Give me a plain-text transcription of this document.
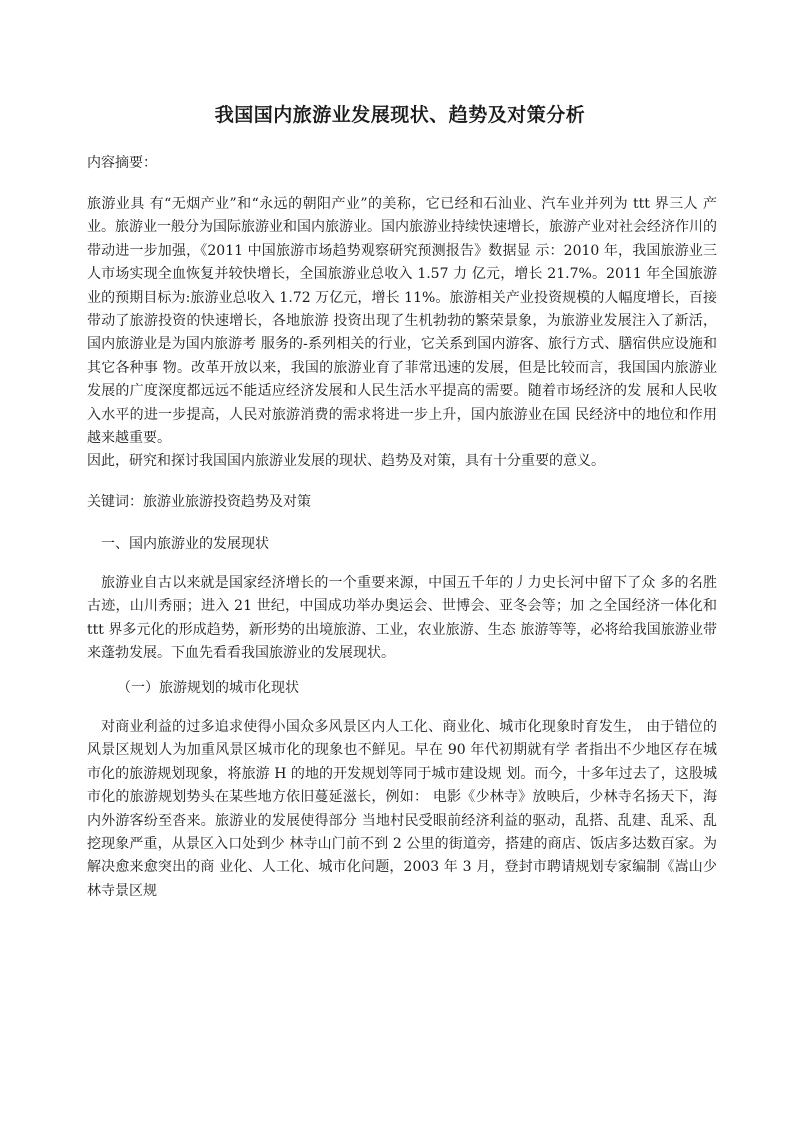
我国国内旅游业发展现状、趋势及对策分析
内容摘要：
旅游业具 有“无烟产业”和“永远的朝阳产业”的美称，它已经和石汕业、汽车业并列为 ttt 界三人 产业。旅游业一般分为国际旅游业和国内旅游业。国内旅游业持续快速增长，旅游产业对社会经济作川的带动进一步加强，《2011 中国旅游市场趋势观察研究预测报告》数据显 示：2010 年，我国旅游业三人市场实现全血恢复并较快增长，全国旅游业总收入 1.57 力 亿元，增长 21.7%。2011 年全国旅游业的预期目标为:旅游业总收入 1.72 万亿元，增长 11%。旅游相关产业投资规模的人幅度增长，百接带动了旅游投资的快速增长，各地旅游 投资出现了生机勃勃的繁荣景象，为旅游业发展注入了新活，国内旅游业是为国内旅游考 服务的-系列相关的行业，它关系到国内游客、旅行方式、膳宿供应设施和其它各种事 物。改革开放以来，我国的旅游业育了菲常迅速的发展，但是比较而言，我国国内旅游业 发展的广度深度都远远不能适应经济发展和人民生活水平提高的需要。随着市场经济的发 展和人民收入水平的进一步提高，人民对旅游消费的需求将进一步上升，国内旅游业在国 民经济中的地位和作用越来越重要。
因此，研究和探讨我国国内旅游业发展的现状、趋势及对策，具有十分重要的意义。
关键词：旅游业旅游投资趋势及对策
一、国内旅游业的发展现状
旅游业自古以来就是国家经济增长的一个重要来源，中国五千年的丿力史长河中留下了众 多的名胜古迹，山川秀丽；进入 21 世纪，中国成功举办奥运会、世博会、亚冬会等；加 之全国经济一体化和 ttt 界多元化的形成趋势，新形势的出境旅游、工业，农业旅游、生态 旅游等等，必将给我国旅游业带来蓬勃发展。下血先看看我国旅游业的发展现状。
（一）旅游规划的城市化现状
对商业利益的过多追求使得小国众多风景区内人工化、商业化、城市化现象时育发生， 由于错位的风景区规划人为加重风景区城市化的现象也不鮮见。早在 90 年代初期就有学 者指出不少地区存在城市化的旅游规划现象，将旅游 H 的地的开发规划等同于城市建设规 划。而今，十多年过去了，这股城市化的旅游规划势头在某些地方依旧蔓延滋长，例如： 电影《少林寺》放映后，少林寺名扬天下，海内外游客纷至沓来。旅游业的发展使得部分 当地村民受眼前经济利益的驱动，乱搭、乱建、乱采、乱挖现象严重，从景区入口处到少 林寺山门前不到 2 公里的街道旁，搭建的商店、饭店多达数百家。为解决愈来愈突出的商 业化、人工化、城市化问题，2003 年 3 月，登封市聘请规划专家编制《嵩山少林寺景区规
